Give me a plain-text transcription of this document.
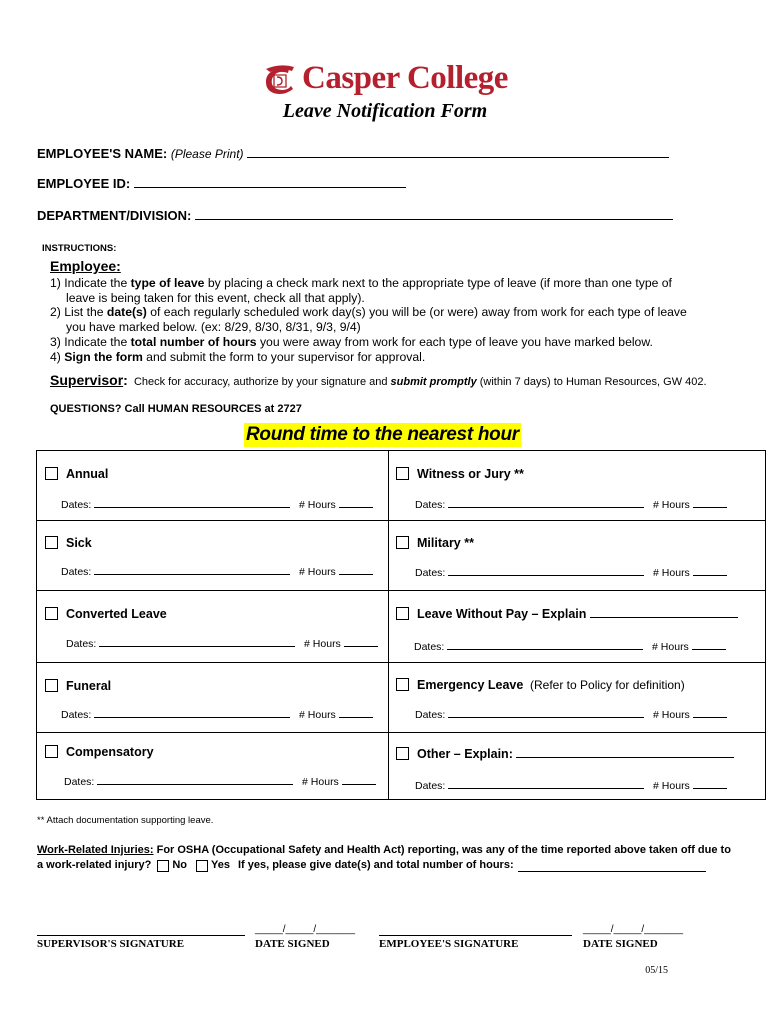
Casper College
Leave Notification Form
EMPLOYEE'S NAME: (Please Print)
EMPLOYEE ID:
DEPARTMENT/DIVISION:
INSTRUCTIONS:
Employee:
1) Indicate the type of leave by placing a check mark next to the appropriate type of leave (if more than one type of
leave is being taken for this event, check all that apply).
2) List the date(s) of each regularly scheduled work day(s) you will be (or were) away from work for each type of leave
you have marked below. (ex: 8/29, 8/30, 8/31, 9/3, 9/4)
3) Indicate the total number of hours you were away from work for each type of leave you have marked below.
4) Sign the form and submit the form to your supervisor for approval.
Supervisor: Check for accuracy, authorize by your signature and submit promptly (within 7 days) to Human Resources, GW 402.
QUESTIONS? Call HUMAN RESOURCES at 2727
Round time to the nearest hour
Annual
Dates:	# Hours
Witness or Jury **
Dates:	# Hours
Sick
Dates:	# Hours
Military **
Dates:	# Hours
Converted Leave
Dates:	# Hours
Leave Without Pay – Explain
Dates:	# Hours
Funeral
Dates:	# Hours
Emergency Leave (Refer to Policy for definition)
Dates:	# Hours
Compensatory
Dates:	# Hours
Other – Explain:
Dates:	# Hours
** Attach documentation supporting leave.
Work-Related Injuries: For OSHA (Occupational Safety and Health Act) reporting, was any of the time reported above taken off due to
a work-related injury? No Yes If yes, please give date(s) and total number of hours:
SUPERVISOR'S SIGNATURE
_____/_____/_______
DATE SIGNED	EMPLOYEE'S SIGNATURE
_____/_____/_______
DATE SIGNED
05/15
